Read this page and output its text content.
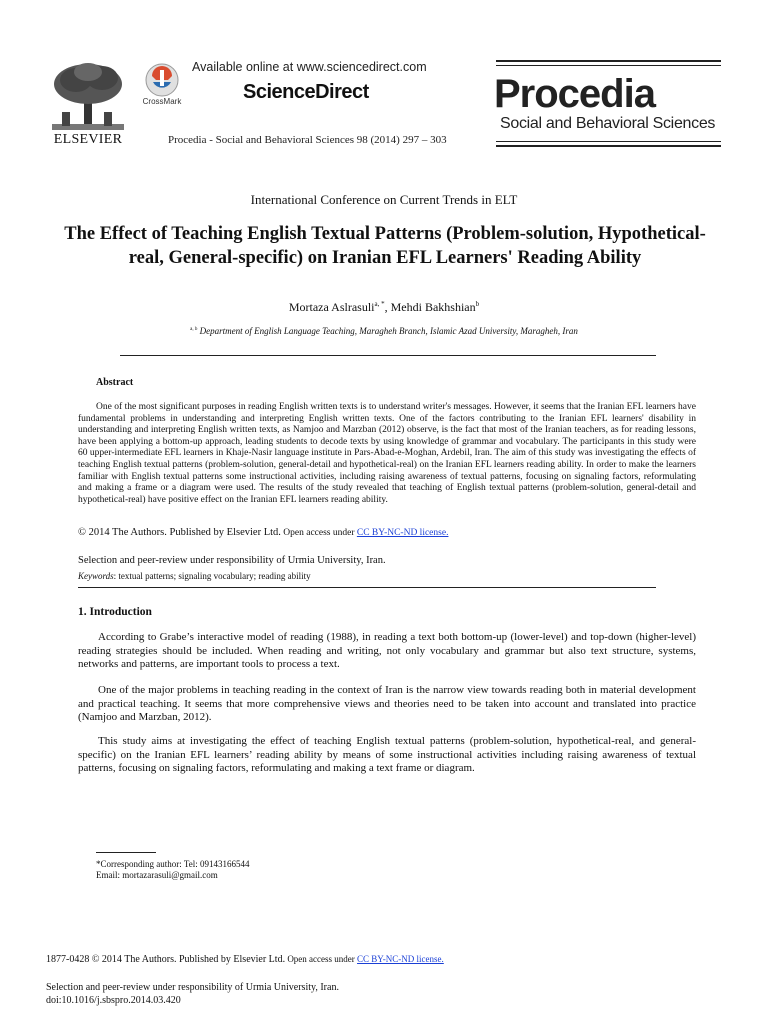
ELSEVIER
CrossMark
Available online at www.sciencedirect.com
ScienceDirect
Procedia - Social and Behavioral Sciences 98 (2014) 297 – 303
Procedia
Social and Behavioral Sciences
International Conference on Current Trends in ELT
The Effect of Teaching English Textual Patterns (Problem-solution, Hypothetical-real, General-specific) on Iranian EFL Learners' Reading Ability
Mortaza Aslrasuli$^{a, *}$, Mehdi Bakhshian$^b$
$^{a, b}$ Department of English Language Teaching, Maragheh Branch, Islamic Azad University, Maragheh, Iran
Abstract
One of the most significant purposes in reading English written texts is to understand writer's messages. However, it seems that the Iranian EFL learners have fundamental problems in understanding and interpreting English written texts. One of the factors contributing to the Iranian EFL learners' disability in understanding and interpreting English written texts, as Namjoo and Marzban (2012) observe, is the fact that most of the Iranian teachers, as for reading lessons, have been applying a bottom-up approach, leading students to decode texts by using knowledge of grammar and vocabulary. The participants in this study were 60 upper-intermediate EFL learners in Khaje-Nasir language institute in Pars-Abad-e-Moghan, Ardebil, Iran. The aim of this study was investigating the effects of teaching English textual patterns (problem-solution, general-detail and hypothetical-real) on the Iranian EFL learners reading ability. In order to make the learners familiar with English textual patterns some instructional activities, including raising awareness of textual patterns, focusing on signaling factors, reformulating and making a frame or a diagram were used. The results of the study revealed that teaching of English textual patterns (problem-solution, general-detail and hypothetical-real) have positive effect on the Iranian EFL learners reading ability.
© 2014 The Authors. Published by Elsevier Ltd. Open access under CC BY-NC-ND license.
Selection and peer-review under responsibility of Urmia University, Iran.
Keywords: textual patterns; signaling vocabulary; reading ability
1. Introduction

According to Grabe’s interactive model of reading (1988), in reading a text both bottom-up (lower-level) and top-down (higher-level) reading strategies should be included. When reading and writing, not only vocabulary and grammar but also text structure, systems, networks and patterns, are important tools to process a text.

One of the major problems in teaching reading in the context of Iran is the narrow view towards reading both in material development and practical teaching. It seems that more comprehensive views and theories need to be taken into account and translated into practice (Namjoo and Marzban, 2012).

This study aims at investigating the effect of teaching English textual patterns (problem-solution, hypothetical-real, and general-specific) on the Iranian EFL learners’ reading ability by means of some instructional activities including raising awareness of textual patterns, focusing on signaling factors, reformulating and making a text frame or diagram.

*Corresponding author: Tel: 09143166544
Email: mortazarasuli@gmail.com
1877-0428 © 2014 The Authors. Published by Elsevier Ltd. Open access under CC BY-NC-ND license.
Selection and peer-review under responsibility of Urmia University, Iran.
doi:10.1016/j.sbspro.2014.03.420
